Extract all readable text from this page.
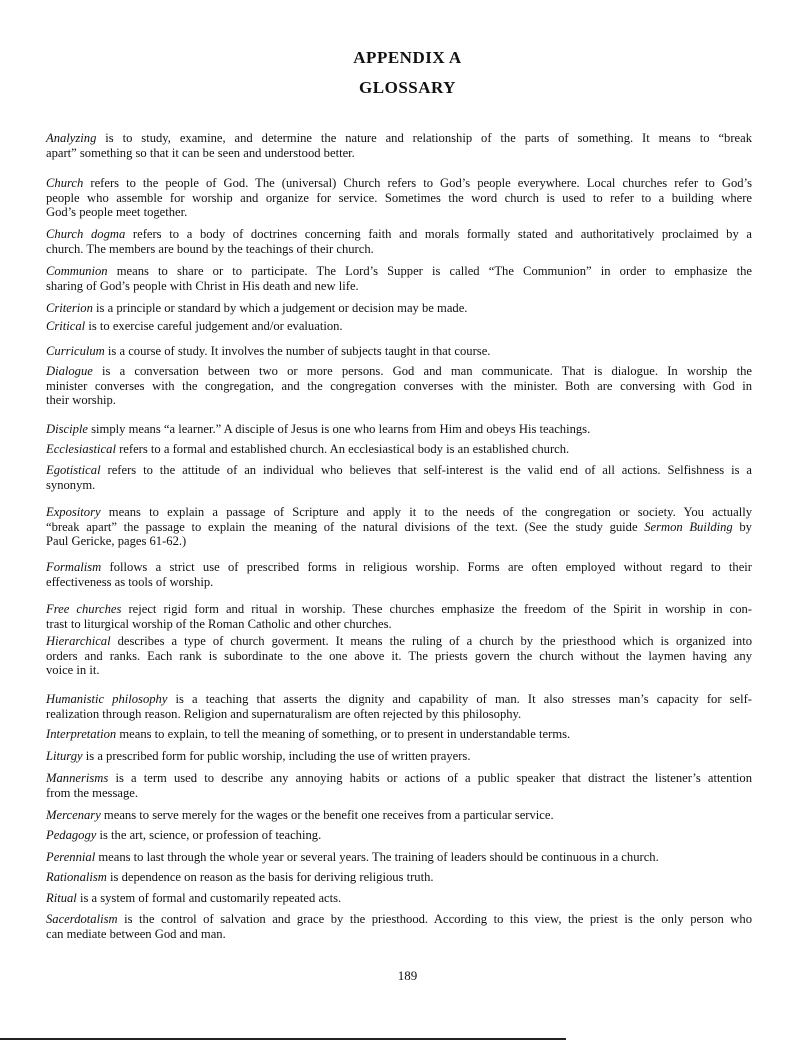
APPENDIX A
GLOSSARY
Analyzing is to study, examine, and determine the nature and relationship of the parts of something. It means to “break
apart” something so that it can be seen and understood better.
Church refers to the people of God. The (universal) Church refers to God’s people everywhere. Local churches refer to God’s
people who assemble for worship and organize for service. Sometimes the word church is used to refer to a building where
God’s people meet together.
Church dogma refers to a body of doctrines concerning faith and morals formally stated and authoritatively proclaimed by a
church. The members are bound by the teachings of their church.
Communion means to share or to participate. The Lord’s Supper is called “The Communion” in order to emphasize the
sharing of God’s people with Christ in His death and new life.
Criterion is a principle or standard by which a judgement or decision may be made.
Critical is to exercise careful judgement and/or evaluation.
Curriculum is a course of study. It involves the number of subjects taught in that course.
Dialogue is a conversation between two or more persons. God and man communicate. That is dialogue. In worship the
minister converses with the congregation, and the congregation converses with the minister. Both are conversing with God in
their worship.
Disciple simply means “a learner.” A disciple of Jesus is one who learns from Him and obeys His teachings.
Ecclesiastical refers to a formal and established church. An ecclesiastical body is an established church.
Egotistical refers to the attitude of an individual who believes that self-interest is the valid end of all actions. Selfishness is a
synonym.
Expository means to explain a passage of Scripture and apply it to the needs of the congregation or society. You actually
“break apart” the passage to explain the meaning of the natural divisions of the text. (See the study guide Sermon Building by
Paul Gericke, pages 61-62.)
Formalism follows a strict use of prescribed forms in religious worship. Forms are often employed without regard to their
effectiveness as tools of worship.
Free churches reject rigid form and ritual in worship. These churches emphasize the freedom of the Spirit in worship in con-
trast to liturgical worship of the Roman Catholic and other churches.
Hierarchical describes a type of church goverment. It means the ruling of a church by the priesthood which is organized into
orders and ranks. Each rank is subordinate to the one above it. The priests govern the church without the laymen having any
voice in it.
Humanistic philosophy is a teaching that asserts the dignity and capability of man. It also stresses man’s capacity for self-
realization through reason. Religion and supernaturalism are often rejected by this philosophy.
Interpretation means to explain, to tell the meaning of something, or to present in understandable terms.
Liturgy is a prescribed form for public worship, including the use of written prayers.
Mannerisms is a term used to describe any annoying habits or actions of a public speaker that distract the listener’s attention
from the message.
Mercenary means to serve merely for the wages or the benefit one receives from a particular service.
Pedagogy is the art, science, or profession of teaching.
Perennial means to last through the whole year or several years. The training of leaders should be continuous in a church.
Rationalism is dependence on reason as the basis for deriving religious truth.
Ritual is a system of formal and customarily repeated acts.
Sacerdotalism is the control of salvation and grace by the priesthood. According to this view, the priest is the only person who
can mediate between God and man.
189
